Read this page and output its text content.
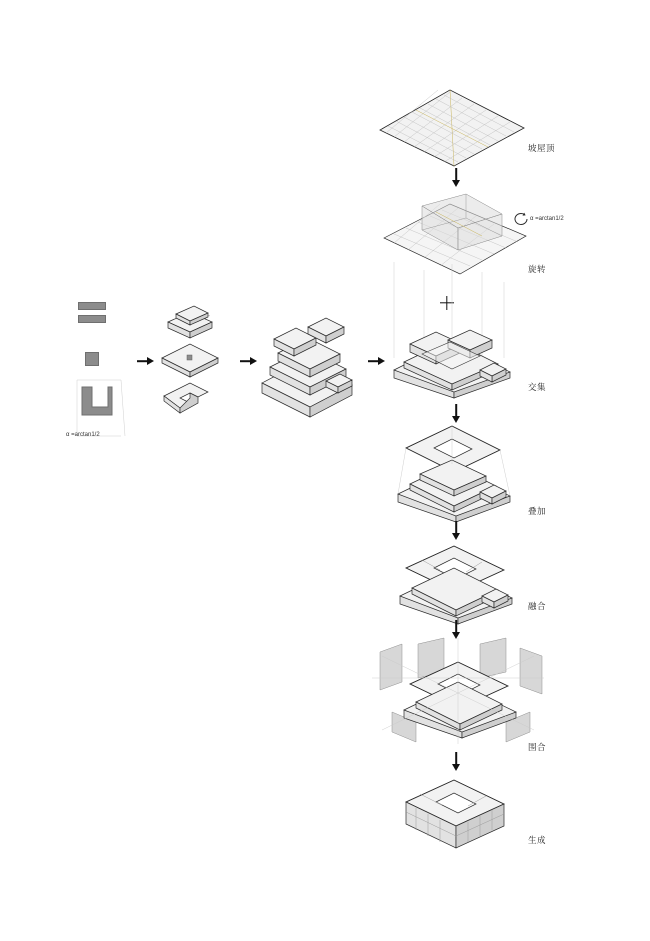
α =arctan1/2
坡屋顶
α =arctan1/2
旋转
交集
叠加
融合
围合
生成
